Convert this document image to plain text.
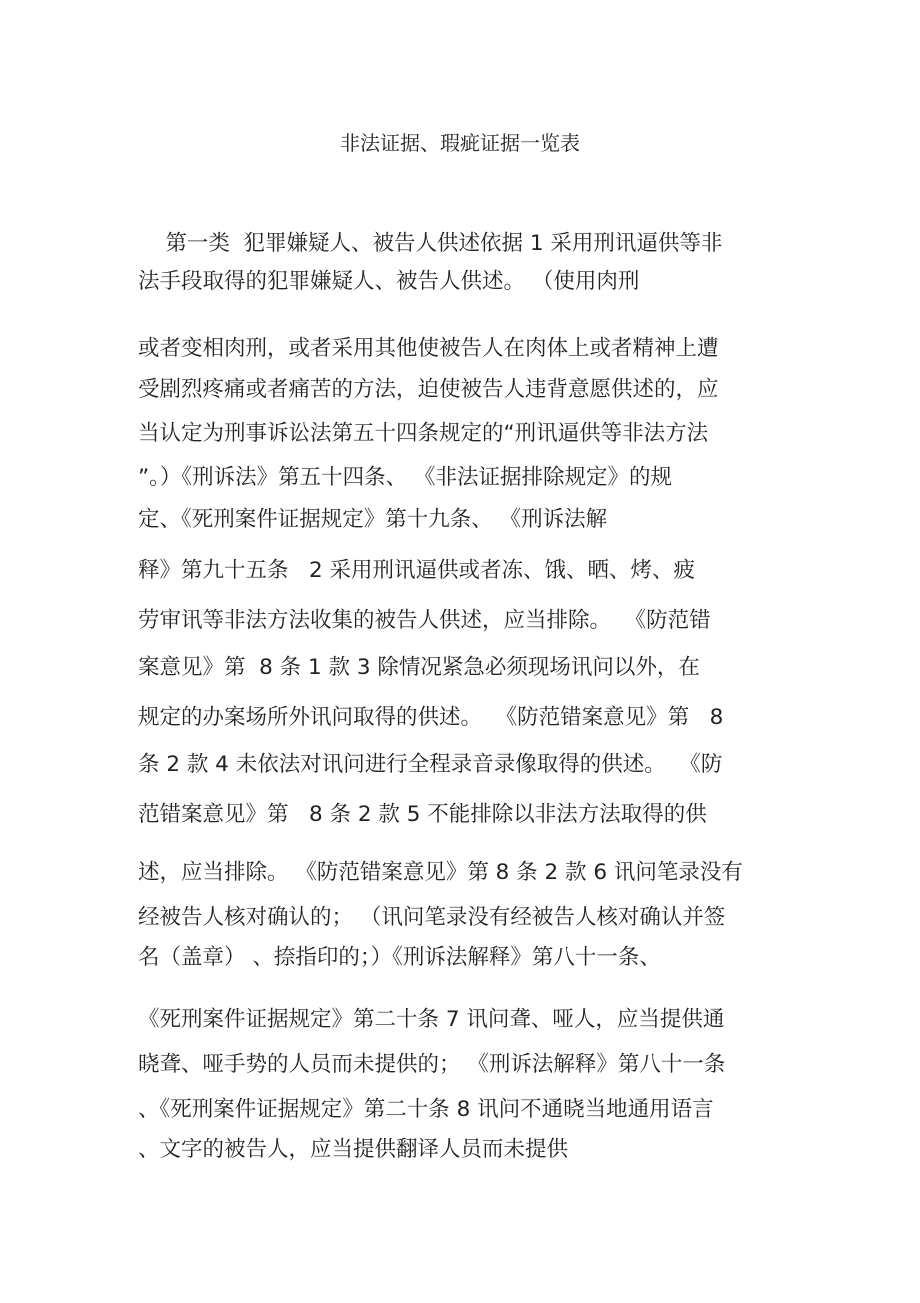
非法证据、瑕疵证据一览表
第一类  犯罪嫌疑人、被告人供述依据 1 采用刑讯逼供等非
法手段取得的犯罪嫌疑人、被告人供述。 （使用肉刑
或者变相肉刑，或者采用其他使被告人在肉体上或者精神上遭
受剧烈疼痛或者痛苦的方法，迫使被告人违背意愿供述的，应
当认定为刑事诉讼法第五十四条规定的“刑讯逼供等非法方法
”。）《刑诉法》第五十四条、 《非法证据排除规定》的规
定、《死刑案件证据规定》第十九条、 《刑诉法解
释》第九十五条   2 采用刑讯逼供或者冻、饿、晒、烤、疲
劳审讯等非法方法收集的被告人供述，应当排除。  《防范错
案意见》第  8 条 1 款 3 除情况紧急必须现场讯问以外，在
规定的办案场所外讯问取得的供述。  《防范错案意见》第   8
条 2 款 4 未依法对讯问进行全程录音录像取得的供述。  《防
范错案意见》第   8 条 2 款 5 不能排除以非法方法取得的供
述，应当排除。 《防范错案意见》第 8 条 2 款 6 讯问笔录没有
经被告人核对确认的； （讯问笔录没有经被告人核对确认并签
名（盖章） 、捺指印的；）《刑诉法解释》第八十一条、
《死刑案件证据规定》第二十条 7 讯问聋、哑人，应当提供通
晓聋、哑手势的人员而未提供的； 《刑诉法解释》第八十一条
、《死刑案件证据规定》第二十条 8 讯问不通晓当地通用语言
、文字的被告人，应当提供翻译人员而未提供
